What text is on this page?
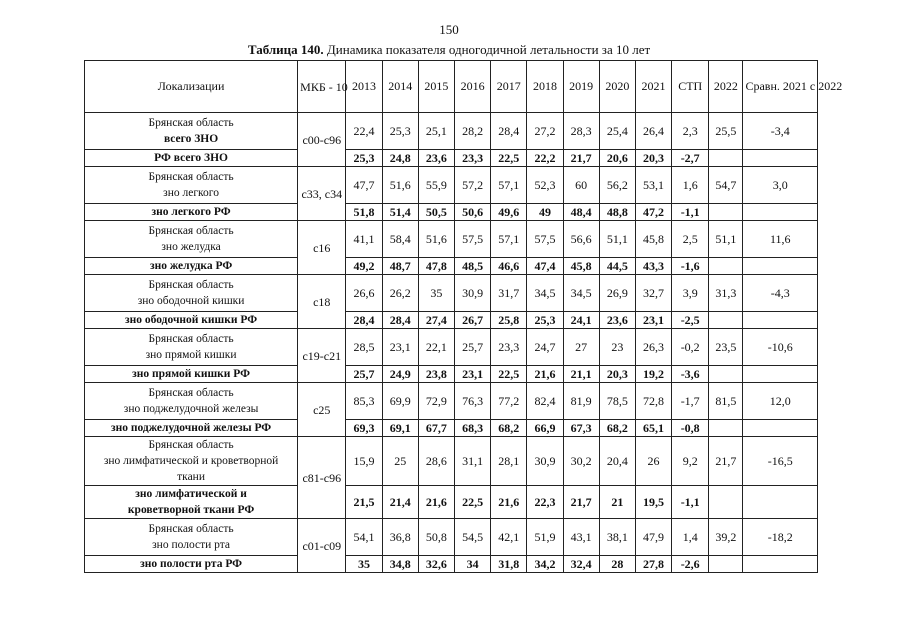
150
Таблица 140. Динамика показателя одногодичной летальности за 10 лет
Локализации	МКБ - 10	2013	2014	2015	2016	2017	2018	2019	2020	2021	СТП	2022	Сравн. 2021 с 2022

Брянская область
всего ЗНО	с00-с96	22,4	25,3	25,1	28,2	28,4	27,2	28,3	25,4	26,4	2,3	25,5	-3,4

РФ всего ЗНО		25,3	24,8	23,6	23,3	22,5	22,2	21,7	20,6	20,3	-2,7		

Брянская область
зно легкого	с33, с34	47,7	51,6	55,9	57,2	57,1	52,3	60	56,2	53,1	1,6	54,7	3,0

зно легкого РФ		51,8	51,4	50,5	50,6	49,6	49	48,4	48,8	47,2	-1,1		

Брянская область
зно желудка	с16	41,1	58,4	51,6	57,5	57,1	57,5	56,6	51,1	45,8	2,5	51,1	11,6

зно желудка РФ		49,2	48,7	47,8	48,5	46,6	47,4	45,8	44,5	43,3	-1,6		

Брянская область
зно ободочной кишки	с18	26,6	26,2	35	30,9	31,7	34,5	34,5	26,9	32,7	3,9	31,3	-4,3

зно ободочной кишки РФ		28,4	28,4	27,4	26,7	25,8	25,3	24,1	23,6	23,1	-2,5		

Брянская область
зно прямой кишки	с19-с21	28,5	23,1	22,1	25,7	23,3	24,7	27	23	26,3	-0,2	23,5	-10,6

зно прямой кишки РФ		25,7	24,9	23,8	23,1	22,5	21,6	21,1	20,3	19,2	-3,6		

Брянская область
зно поджелудочной железы	с25	85,3	69,9	72,9	76,3	77,2	82,4	81,9	78,5	72,8	-1,7	81,5	12,0

зно поджелудочной железы РФ		69,3	69,1	67,7	68,3	68,2	66,9	67,3	68,2	65,1	-0,8		

Брянская область
зно лимфатической и кроветворной
ткани	с81-с96	15,9	25	28,6	31,1	28,1	30,9	30,2	20,4	26	9,2	21,7	-16,5

зно лимфатической и
кроветворной ткани РФ		21,5	21,4	21,6	22,5	21,6	22,3	21,7	21	19,5	-1,1		

Брянская область
зно полости рта	с01-с09	54,1	36,8	50,8	54,5	42,1	51,9	43,1	38,1	47,9	1,4	39,2	-18,2

зно полости рта РФ		35	34,8	32,6	34	31,8	34,2	32,4	28	27,8	-2,6		
